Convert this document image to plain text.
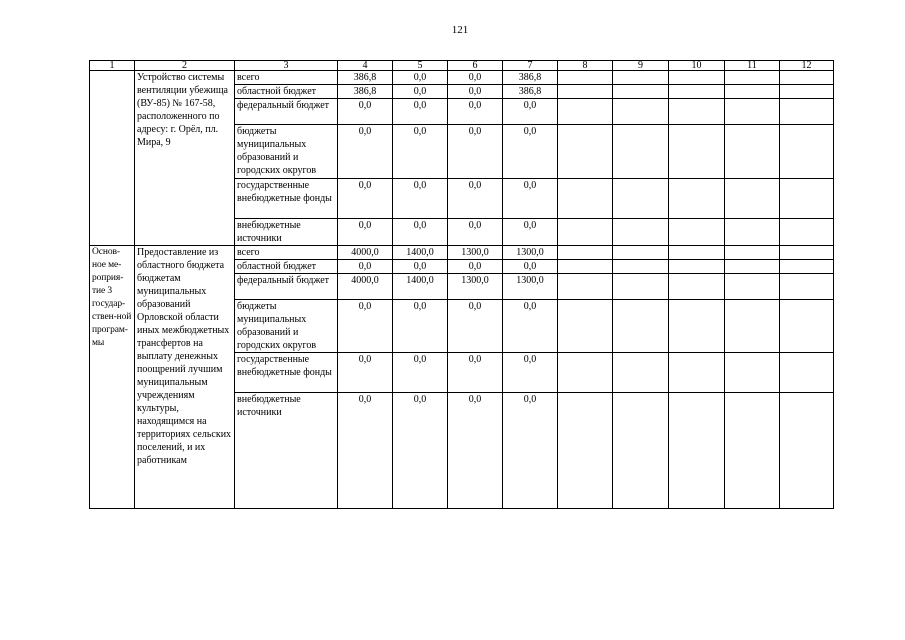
121
1	2	3	4	5	6	7	8	9	10	11	12
	Устройство системы вентиляции убежища (ВУ-85) № 167-58, расположенного по адресу: г. Орёл, пл. Мира, 9	всего	386,8	0,0	0,0	386,8					
		областной бюджет	386,8	0,0	0,0	386,8					
		федеральный бюджет	0,0	0,0	0,0	0,0					
		бюджеты муниципальных образований и городских округов	0,0	0,0	0,0	0,0					
		государственные внебюджетные фонды	0,0	0,0	0,0	0,0					
		внебюджетные источники	0,0	0,0	0,0	0,0					
Основ-ное ме-роприя-тие 3 государ-ствен-ной програм-мы	Предоставление из областного бюджета бюджетам муниципальных образований Орловской области иных межбюджетных трансфертов на выплату денежных поощрений лучшим муниципальным учреждениям культуры, находящимся на территориях сельских поселений, и их работникам	всего	4000,0	1400,0	1300,0	1300,0					
		областной бюджет	0,0	0,0	0,0	0,0					
		федеральный бюджет	4000,0	1400,0	1300,0	1300,0					
		бюджеты муниципальных образований и городских округов	0,0	0,0	0,0	0,0					
		государственные внебюджетные фонды	0,0	0,0	0,0	0,0					
		внебюджетные источники	0,0	0,0	0,0	0,0					
